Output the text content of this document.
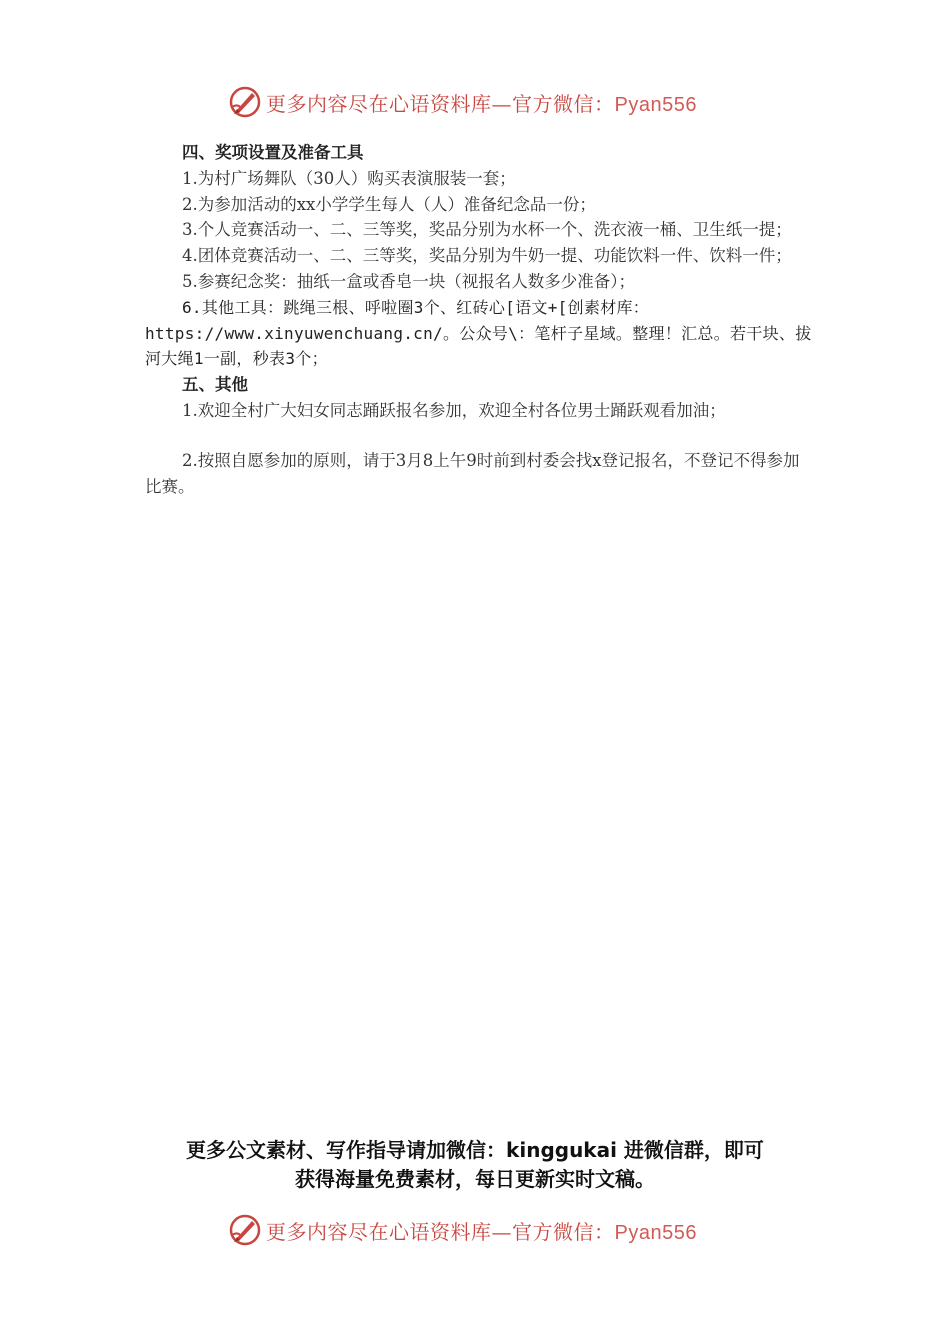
更多内容尽在心语资料库—官方微信：Pyan556

四、奖项设置及准备工具

1.为村广场舞队（30人）购买表演服装一套；

2.为参加活动的xx小学学生每人（人）准备纪念品一份；

3.个人竞赛活动一、二、三等奖，奖品分别为水杯一个、洗衣液一桶、卫生纸一提；

4.团体竞赛活动一、二、三等奖，奖品分别为牛奶一提、功能饮料一件、饮料一件；

5.参赛纪念奖：抽纸一盒或香皂一块（视报名人数多少准备）；

6.其他工具：跳绳三根、呼啦圈3个、红砖心[语文+[创素材库：https://www.xinyuwenchuang.cn/。公众号\：笔杆子星域。整理！汇总。若干块、拔河大绳1一副，秒表3个；

五、其他

1.欢迎全村广大妇女同志踊跃报名参加，欢迎全村各位男士踊跃观看加油；

2.按照自愿参加的原则，请于3月8上午9时前到村委会找x登记报名，不登记不得参加比赛。

更多公文素材、写作指导请加微信：kinggukai 进微信群，即可
获得海量免费素材，每日更新实时文稿。
更多内容尽在心语资料库—官方微信：Pyan556
